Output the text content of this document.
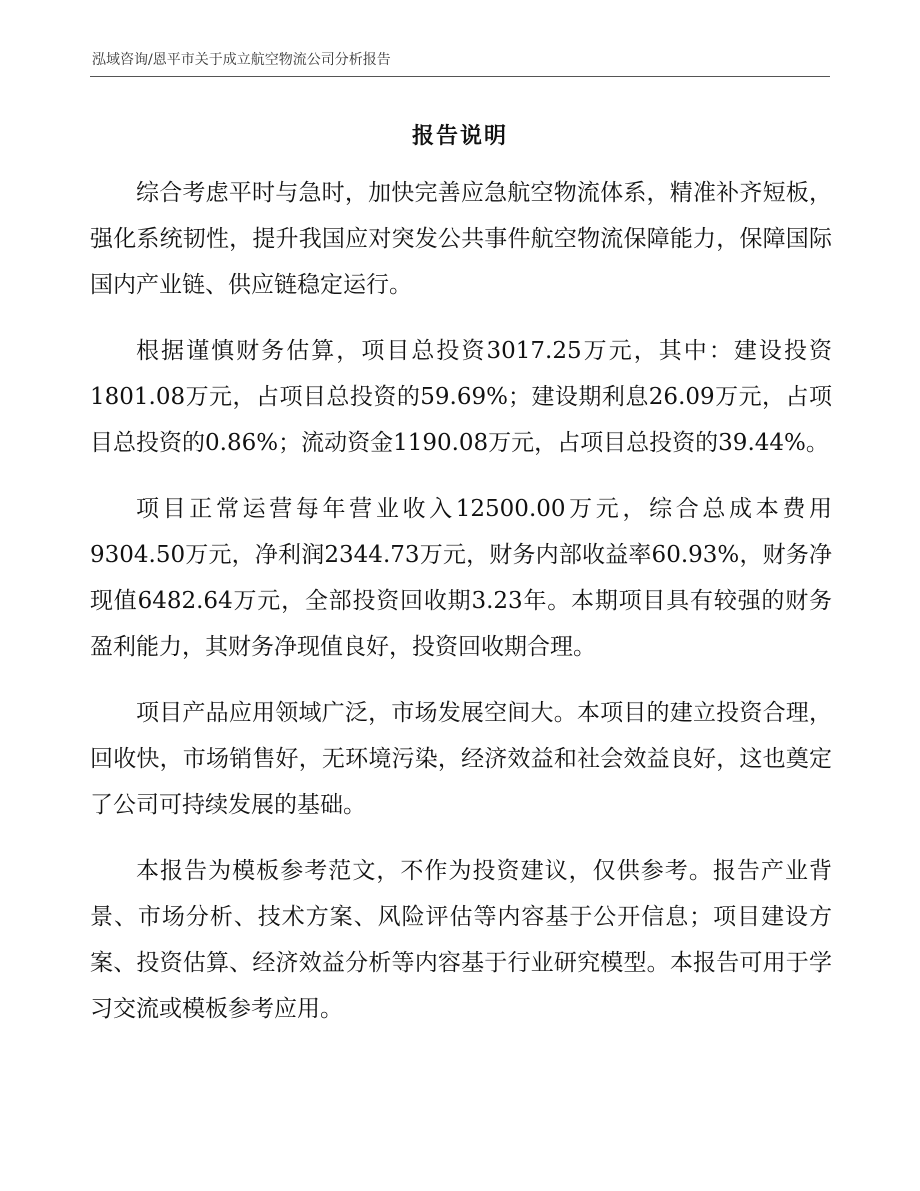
泓域咨询/恩平市关于成立航空物流公司分析报告
报告说明

综合考虑平时与急时，加快完善应急航空物流体系，精准补齐短板，强化系统韧性，提升我国应对突发公共事件航空物流保障能力，保障国际国内产业链、供应链稳定运行。

根据谨慎财务估算，项目总投资3017.25万元，其中：建设投资1801.08万元，占项目总投资的59.69%；建设期利息26.09万元，占项目总投资的0.86%；流动资金1190.08万元，占项目总投资的39.44%。

项目正常运营每年营业收入12500.00万元，综合总成本费用9304.50万元，净利润2344.73万元，财务内部收益率60.93%，财务净现值6482.64万元，全部投资回收期3.23年。本期项目具有较强的财务盈利能力，其财务净现值良好，投资回收期合理。

项目产品应用领域广泛，市场发展空间大。本项目的建立投资合理，回收快，市场销售好，无环境污染，经济效益和社会效益良好，这也奠定了公司可持续发展的基础。

本报告为模板参考范文，不作为投资建议，仅供参考。报告产业背景、市场分析、技术方案、风险评估等内容基于公开信息；项目建设方案、投资估算、经济效益分析等内容基于行业研究模型。本报告可用于学习交流或模板参考应用。
